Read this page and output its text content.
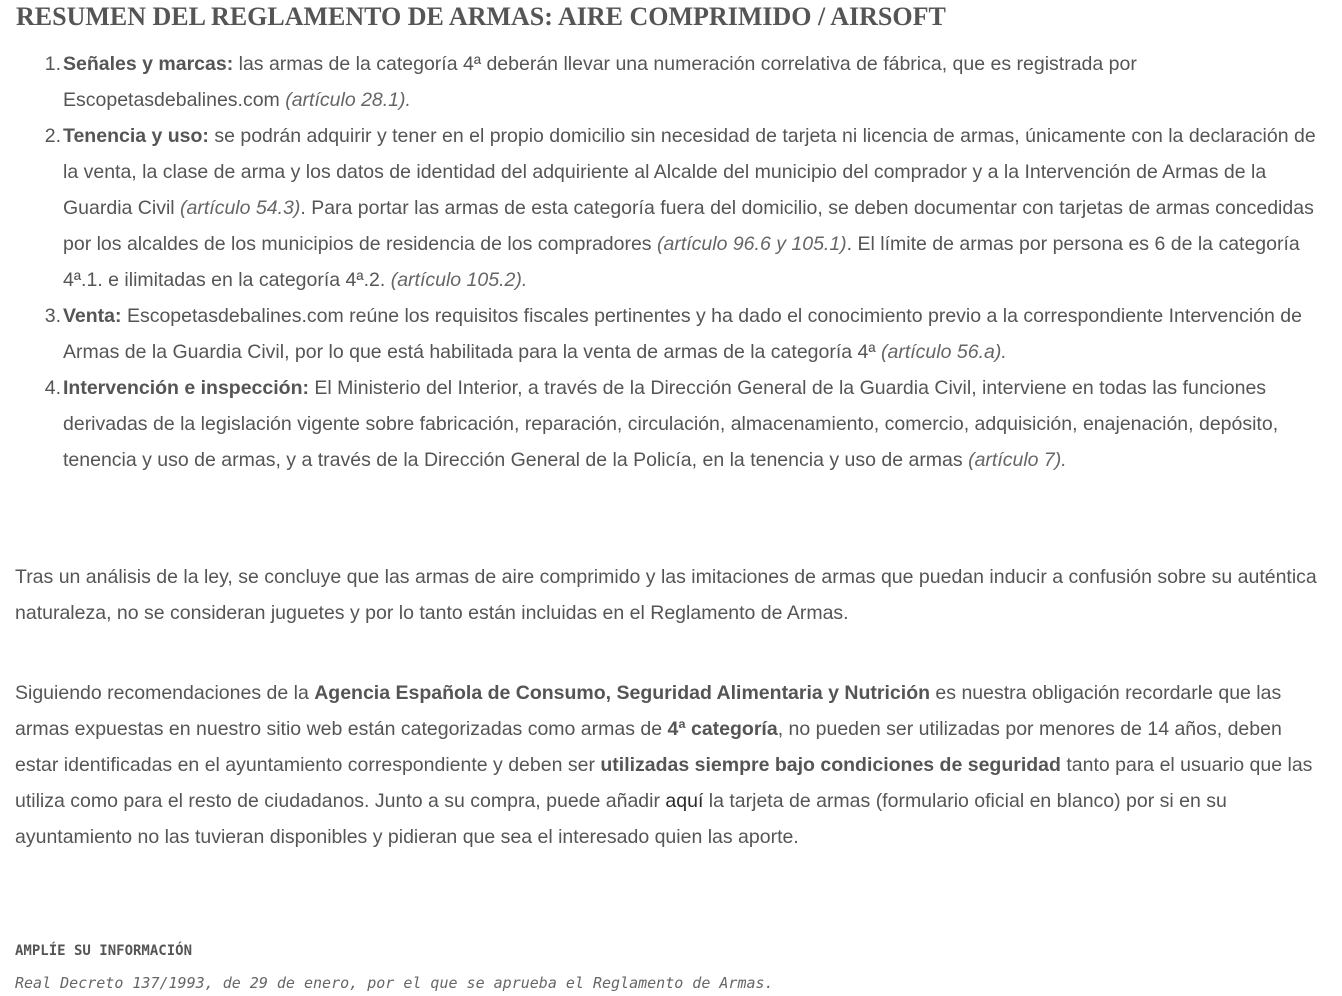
RESUMEN DEL REGLAMENTO DE ARMAS: AIRE COMPRIMIDO / AIRSOFT
1. Señales y marcas: las armas de la categoría 4ª deberán llevar una numeración correlativa de fábrica, que es registrada por Escopetasdebalines.com (artículo 28.1).
2. Tenencia y uso: se podrán adquirir y tener en el propio domicilio sin necesidad de tarjeta ni licencia de armas, únicamente con la declaración de la venta, la clase de arma y los datos de identidad del adquiriente al Alcalde del municipio del comprador y a la Intervención de Armas de la Guardia Civil (artículo 54.3). Para portar las armas de esta categoría fuera del domicilio, se deben documentar con tarjetas de armas concedidas por los alcaldes de los municipios de residencia de los compradores (artículo 96.6 y 105.1). El límite de armas por persona es 6 de la categoría 4ª.1. e ilimitadas en la categoría 4ª.2. (artículo 105.2).
3. Venta: Escopetasdebalines.com reúne los requisitos fiscales pertinentes y ha dado el conocimiento previo a la correspondiente Intervención de Armas de la Guardia Civil, por lo que está habilitada para la venta de armas de la categoría 4ª (artículo 56.a).
4. Intervención e inspección: El Ministerio del Interior, a través de la Dirección General de la Guardia Civil, interviene en todas las funciones derivadas de la legislación vigente sobre fabricación, reparación, circulación, almacenamiento, comercio, adquisición, enajenación, depósito, tenencia y uso de armas, y a través de la Dirección General de la Policía, en la tenencia y uso de armas (artículo 7).

Tras un análisis de la ley, se concluye que las armas de aire comprimido y las imitaciones de armas que puedan inducir a confusión sobre su auténtica naturaleza, no se consideran juguetes y por lo tanto están incluidas en el Reglamento de Armas.

Siguiendo recomendaciones de la Agencia Española de Consumo, Seguridad Alimentaria y Nutrición es nuestra obligación recordarle que las armas expuestas en nuestro sitio web están categorizadas como armas de 4ª categoría, no pueden ser utilizadas por menores de 14 años, deben estar identificadas en el ayuntamiento correspondiente y deben ser utilizadas siempre bajo condiciones de seguridad tanto para el usuario que las utiliza como para el resto de ciudadanos. Junto a su compra, puede añadir aquí la tarjeta de armas (formulario oficial en blanco) por si en su ayuntamiento no las tuvieran disponibles y pidieran que sea el interesado quien las aporte.

AMPLÍE SU INFORMACIÓN

Real Decreto 137/1993, de 29 de enero, por el que se aprueba el Reglamento de Armas.
